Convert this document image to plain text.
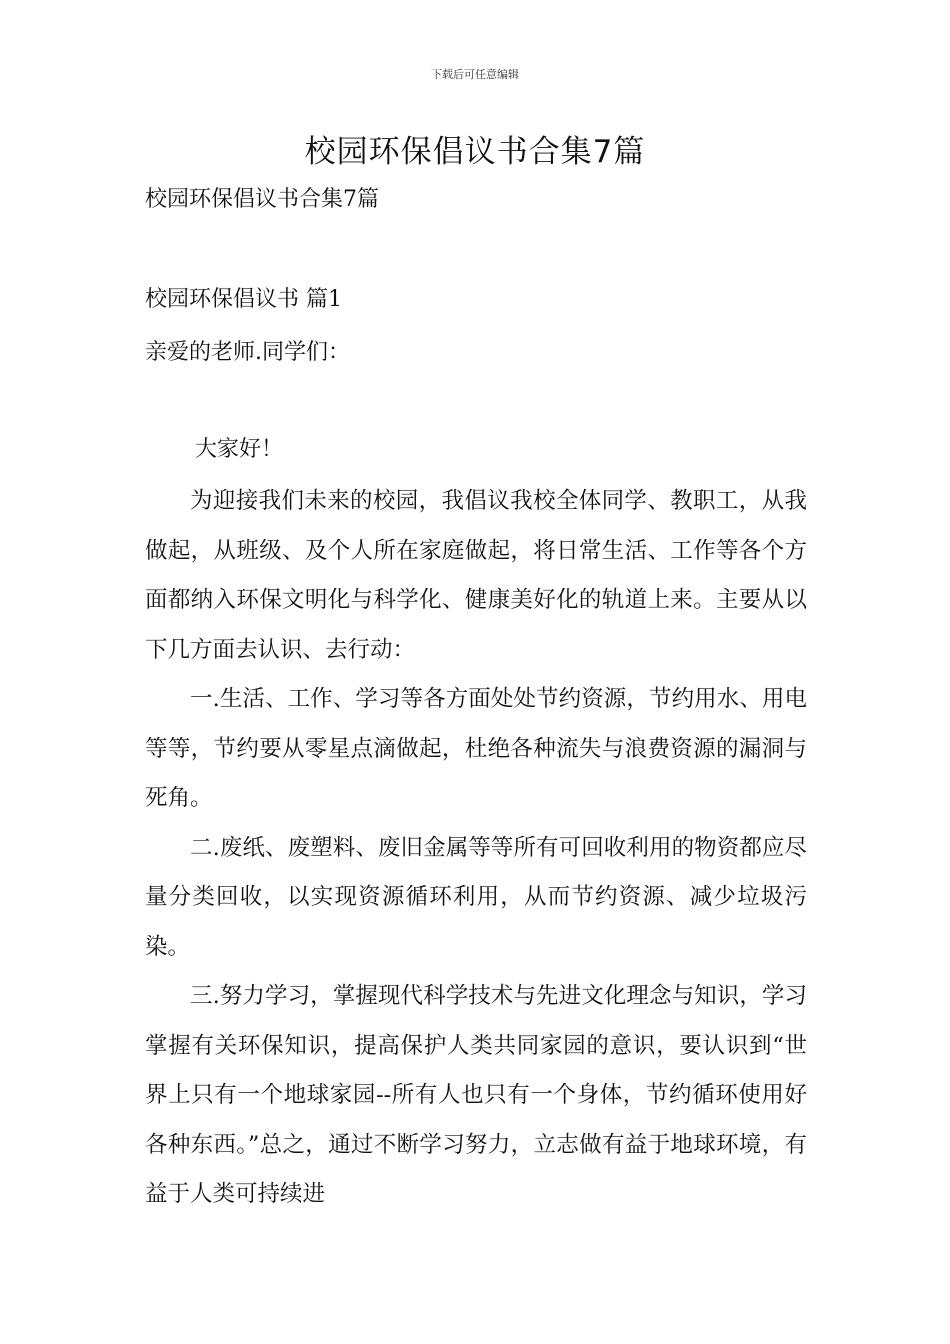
下载后可任意编辑
校园环保倡议书合集7篇
校园环保倡议书合集7篇
校园环保倡议书 篇1
亲爱的老师.同学们：
大家好！

为迎接我们未来的校园，我倡议我校全体同学、教职工，从我做起，从班级、及个人所在家庭做起，将日常生活、工作等各个方面都纳入环保文明化与科学化、健康美好化的轨道上来。主要从以下几方面去认识、去行动：

一.生活、工作、学习等各方面处处节约资源，节约用水、用电等等，节约要从零星点滴做起，杜绝各种流失与浪费资源的漏洞与死角。

二.废纸、废塑料、废旧金属等等所有可回收利用的物资都应尽量分类回收，以实现资源循环利用，从而节约资源、减少垃圾污染。

三.努力学习，掌握现代科学技术与先进文化理念与知识，学习掌握有关环保知识，提高保护人类共同家园的意识，要认识到“世界上只有一个地球家园--所有人也只有一个身体，节约循环使用好各种东西。”总之，通过不断学习努力，立志做有益于地球环境，有益于人类可持续进
